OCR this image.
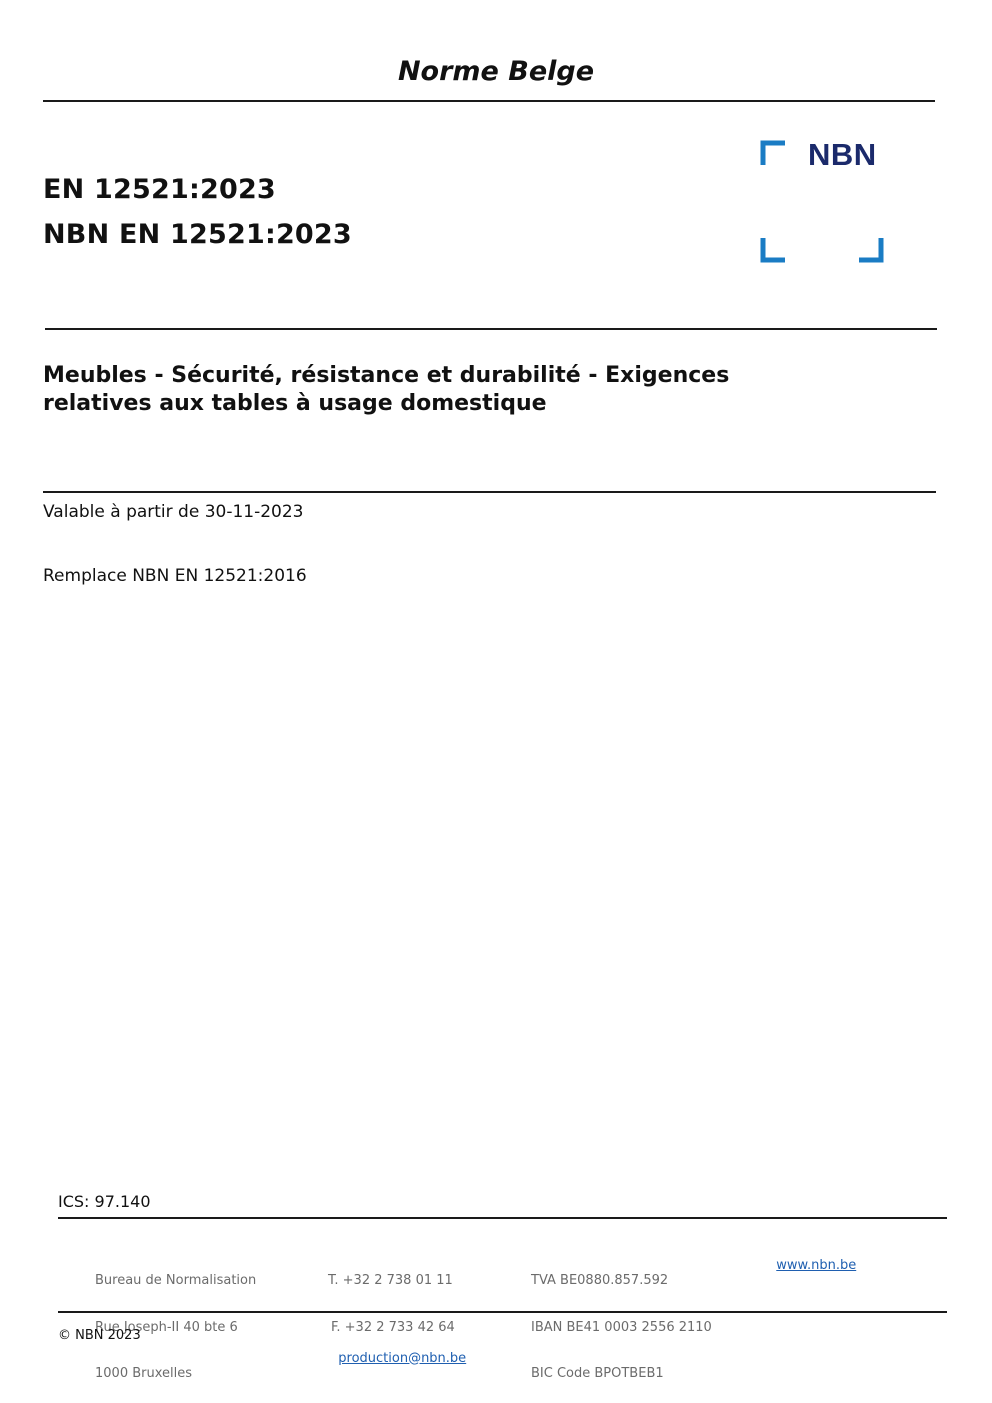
Norme Belge
EN 12521:2023
NBN EN 12521:2023
NBN
Meubles - Sécurité, résistance et durabilité - Exigences
relatives aux tables à usage domestique
Valable à partir de 30-11-2023
Remplace NBN EN 12521:2016
ICS: 97.140

Bureau de Normalisation

Rue Joseph-II 40 bte 6

1000 Bruxelles

T. +32 2 738 01 11

F. +32 2 733 42 64

production@nbn.be

TVA BE0880.857.592

IBAN BE41 0003 2556 2110

BIC Code BPOTBEB1

www.nbn.be

© NBN 2023
